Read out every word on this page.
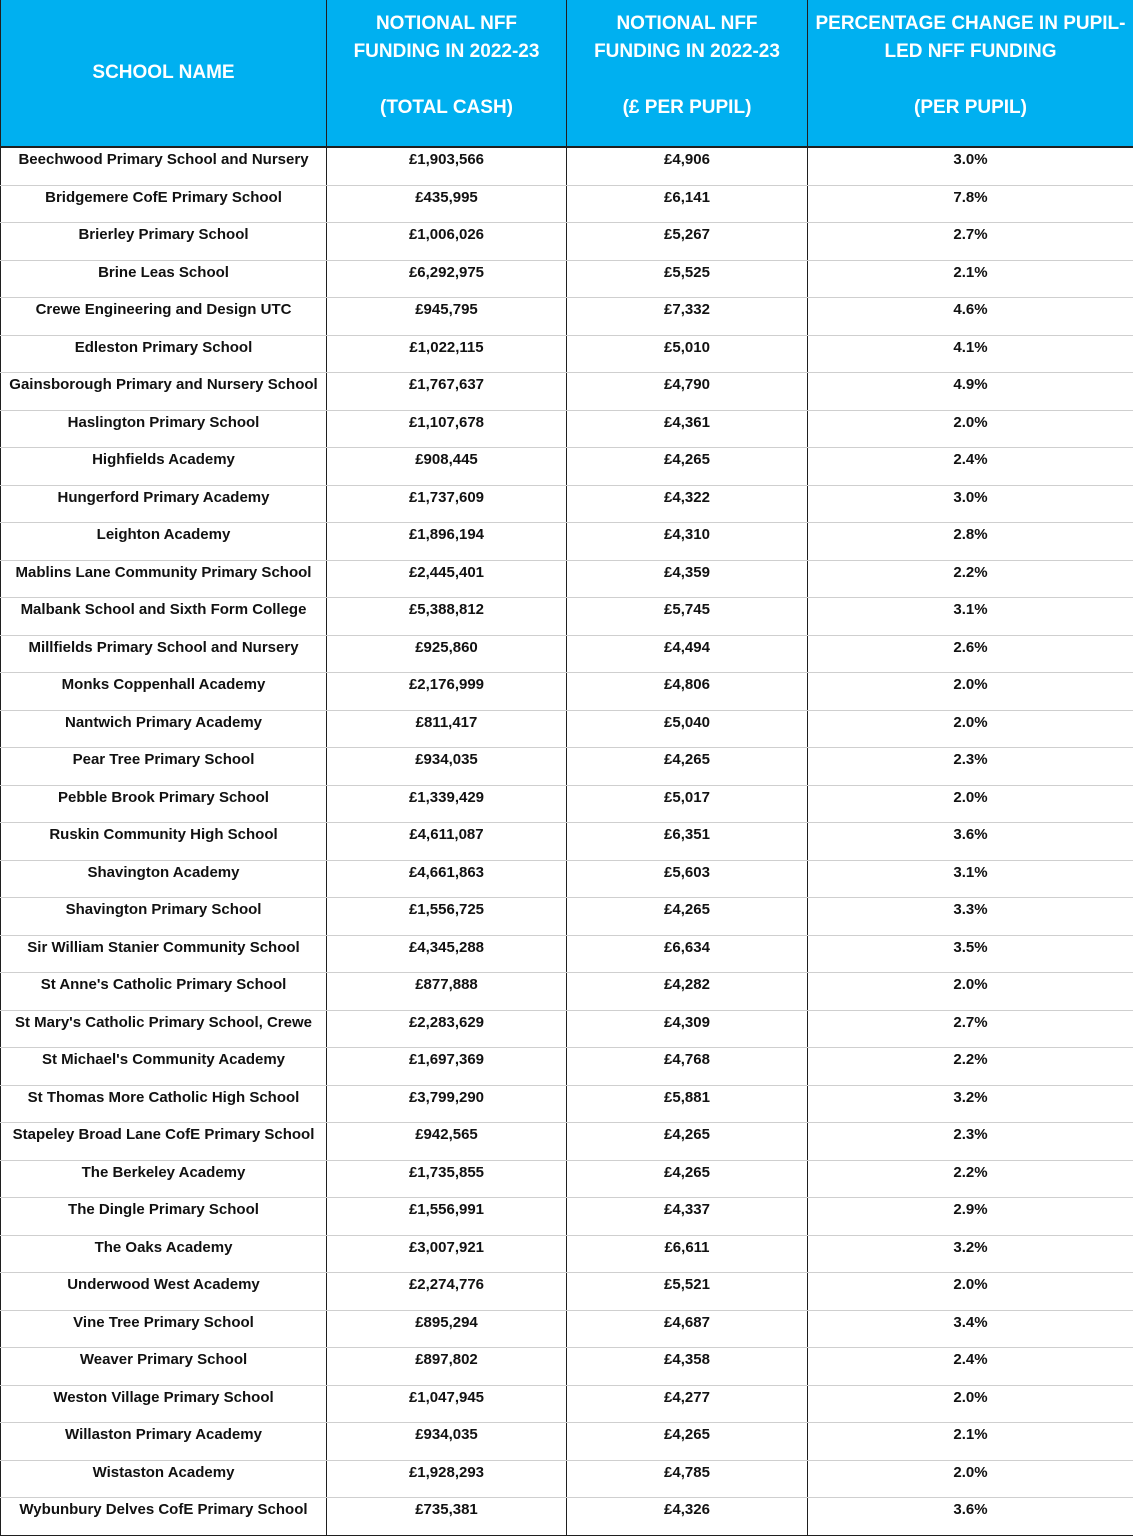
SCHOOL NAME	NOTIONAL NFF
FUNDING IN 2022-23
(TOTAL CASH)	NOTIONAL NFF
FUNDING IN 2022-23
(£ PER PUPIL)	PERCENTAGE CHANGE IN PUPIL-
LED NFF FUNDING
(PER PUPIL)

Beechwood Primary School and Nursery	£1,903,566	£4,906	3.0%
Bridgemere CofE Primary School	£435,995	£6,141	7.8%
Brierley Primary School	£1,006,026	£5,267	2.7%
Brine Leas School	£6,292,975	£5,525	2.1%
Crewe Engineering and Design UTC	£945,795	£7,332	4.6%
Edleston Primary School	£1,022,115	£5,010	4.1%
Gainsborough Primary and Nursery School	£1,767,637	£4,790	4.9%
Haslington Primary School	£1,107,678	£4,361	2.0%
Highfields Academy	£908,445	£4,265	2.4%
Hungerford Primary Academy	£1,737,609	£4,322	3.0%
Leighton Academy	£1,896,194	£4,310	2.8%
Mablins Lane Community Primary School	£2,445,401	£4,359	2.2%
Malbank School and Sixth Form College	£5,388,812	£5,745	3.1%
Millfields Primary School and Nursery	£925,860	£4,494	2.6%
Monks Coppenhall Academy	£2,176,999	£4,806	2.0%
Nantwich Primary Academy	£811,417	£5,040	2.0%
Pear Tree Primary School	£934,035	£4,265	2.3%
Pebble Brook Primary School	£1,339,429	£5,017	2.0%
Ruskin Community High School	£4,611,087	£6,351	3.6%
Shavington Academy	£4,661,863	£5,603	3.1%
Shavington Primary School	£1,556,725	£4,265	3.3%
Sir William Stanier Community School	£4,345,288	£6,634	3.5%
St Anne's Catholic Primary School	£877,888	£4,282	2.0%
St Mary's Catholic Primary School, Crewe	£2,283,629	£4,309	2.7%
St Michael's Community Academy	£1,697,369	£4,768	2.2%
St Thomas More Catholic High School	£3,799,290	£5,881	3.2%
Stapeley Broad Lane CofE Primary School	£942,565	£4,265	2.3%
The Berkeley Academy	£1,735,855	£4,265	2.2%
The Dingle Primary School	£1,556,991	£4,337	2.9%
The Oaks Academy	£3,007,921	£6,611	3.2%
Underwood West Academy	£2,274,776	£5,521	2.0%
Vine Tree Primary School	£895,294	£4,687	3.4%
Weaver Primary School	£897,802	£4,358	2.4%
Weston Village Primary School	£1,047,945	£4,277	2.0%
Willaston Primary Academy	£934,035	£4,265	2.1%
Wistaston Academy	£1,928,293	£4,785	2.0%
Wybunbury Delves CofE Primary School	£735,381	£4,326	3.6%
